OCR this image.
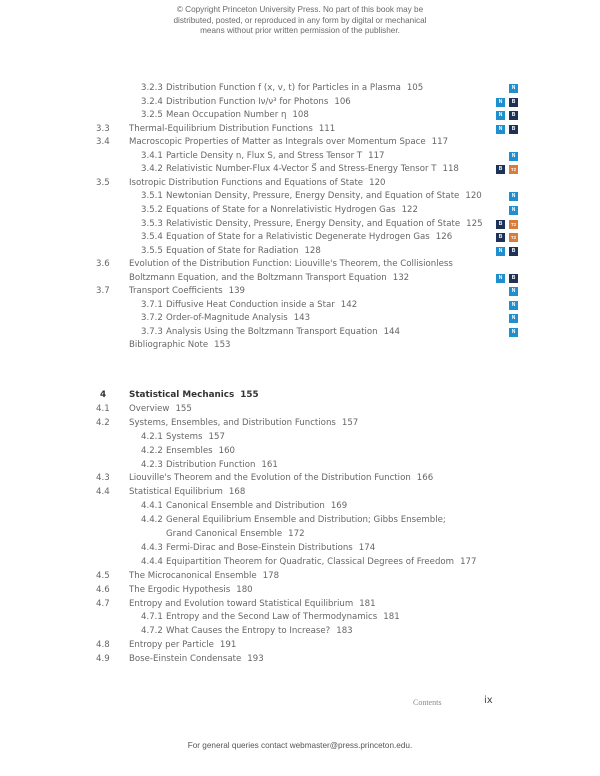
© Copyright Princeton University Press. No part of this book may be
distributed, posted, or reproduced in any form by digital or mechanical
means without prior written permission of the publisher.
3.2.3 Distribution Function f (x, v, t) for Particles in a Plasma 105	N
3.2.4 Distribution Function Iν/ν³ for Photons 106	N	B
3.2.5 Mean Occupation Number η 108	N	B
3.3 Thermal-Equilibrium Distribution Functions 111	N	B
3.4 Macroscopic Properties of Matter as Integrals over Momentum Space 117
3.4.1 Particle Density n, Flux S, and Stress Tensor T 117	N
3.4.2 Relativistic Number-Flux 4-Vector S⃗ and Stress-Energy Tensor T 118	B	T2
3.5 Isotropic Distribution Functions and Equations of State 120
3.5.1 Newtonian Density, Pressure, Energy Density, and Equation of State 120	N
3.5.2 Equations of State for a Nonrelativistic Hydrogen Gas 122	N
3.5.3 Relativistic Density, Pressure, Energy Density, and Equation of State 125	B	T2
3.5.4 Equation of State for a Relativistic Degenerate Hydrogen Gas 126	B	T2
3.5.5 Equation of State for Radiation 128	N	B
3.6 Evolution of the Distribution Function: Liouville's Theorem, the Collisionless
Boltzmann Equation, and the Boltzmann Transport Equation 132	N	B
3.7 Transport Coefficients 139	N
3.7.1 Diffusive Heat Conduction inside a Star 142	N
3.7.2 Order-of-Magnitude Analysis 143	N
3.7.3 Analysis Using the Boltzmann Transport Equation 144	N
Bibliographic Note 153
4	Statistical Mechanics 155
4.1 Overview 155
4.2 Systems, Ensembles, and Distribution Functions 157
4.2.1 Systems 157
4.2.2 Ensembles 160
4.2.3 Distribution Function 161
4.3 Liouville's Theorem and the Evolution of the Distribution Function 166
4.4 Statistical Equilibrium 168
4.4.1 Canonical Ensemble and Distribution 169
4.4.2 General Equilibrium Ensemble and Distribution; Gibbs Ensemble;
Grand Canonical Ensemble 172
4.4.3 Fermi-Dirac and Bose-Einstein Distributions 174
4.4.4 Equipartition Theorem for Quadratic, Classical Degrees of Freedom 177
4.5 The Microcanonical Ensemble 178
4.6 The Ergodic Hypothesis 180
4.7 Entropy and Evolution toward Statistical Equilibrium 181
4.7.1 Entropy and the Second Law of Thermodynamics 181
4.7.2 What Causes the Entropy to Increase? 183
4.8 Entropy per Particle 191
4.9 Bose-Einstein Condensate 193
Contents	ix
For general queries contact webmaster@press.princeton.edu.
